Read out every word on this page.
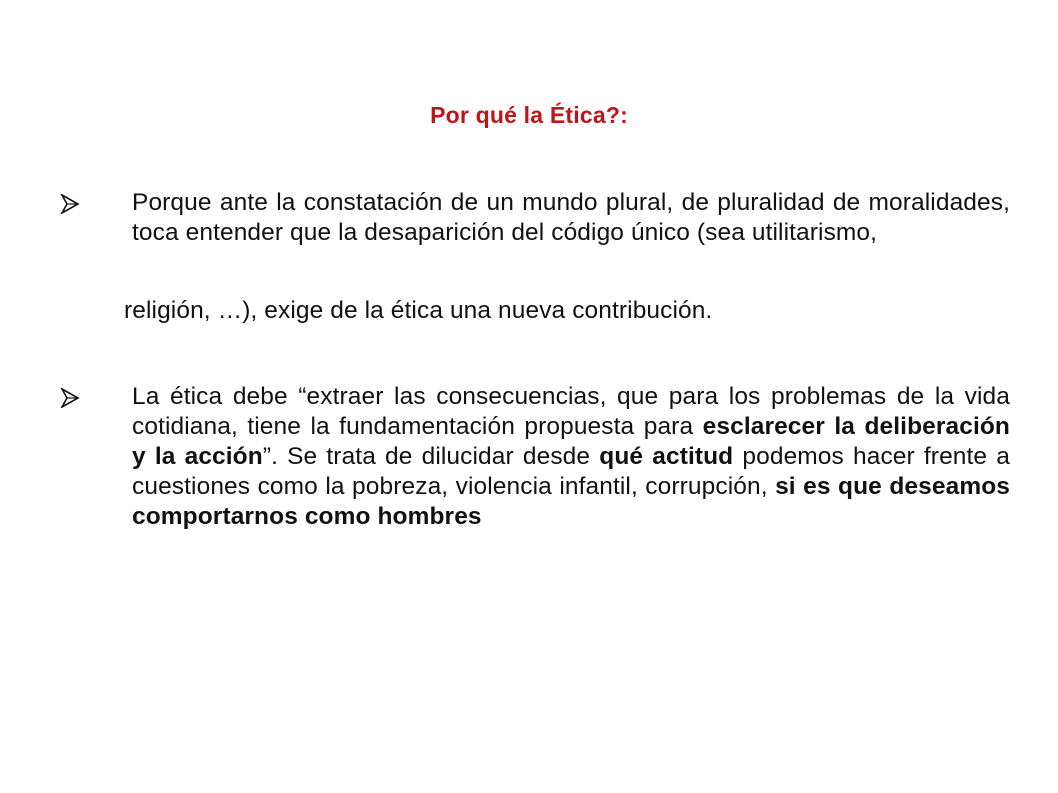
Por qué la Ética?:
Porque ante la constatación de un mundo plural, de pluralidad de moralidades, toca entender que la desaparición del código único (sea utilitarismo,
religión, …), exige de la ética una nueva contribución.
La ética debe “extraer las consecuencias, que para los problemas de la vida cotidiana, tiene la fundamentación propuesta para esclarecer la deliberación y la acción”. Se trata de dilucidar desde qué actitud podemos hacer frente a cuestiones como la pobreza, violencia infantil, corrupción, si es que deseamos comportarnos como hombres
